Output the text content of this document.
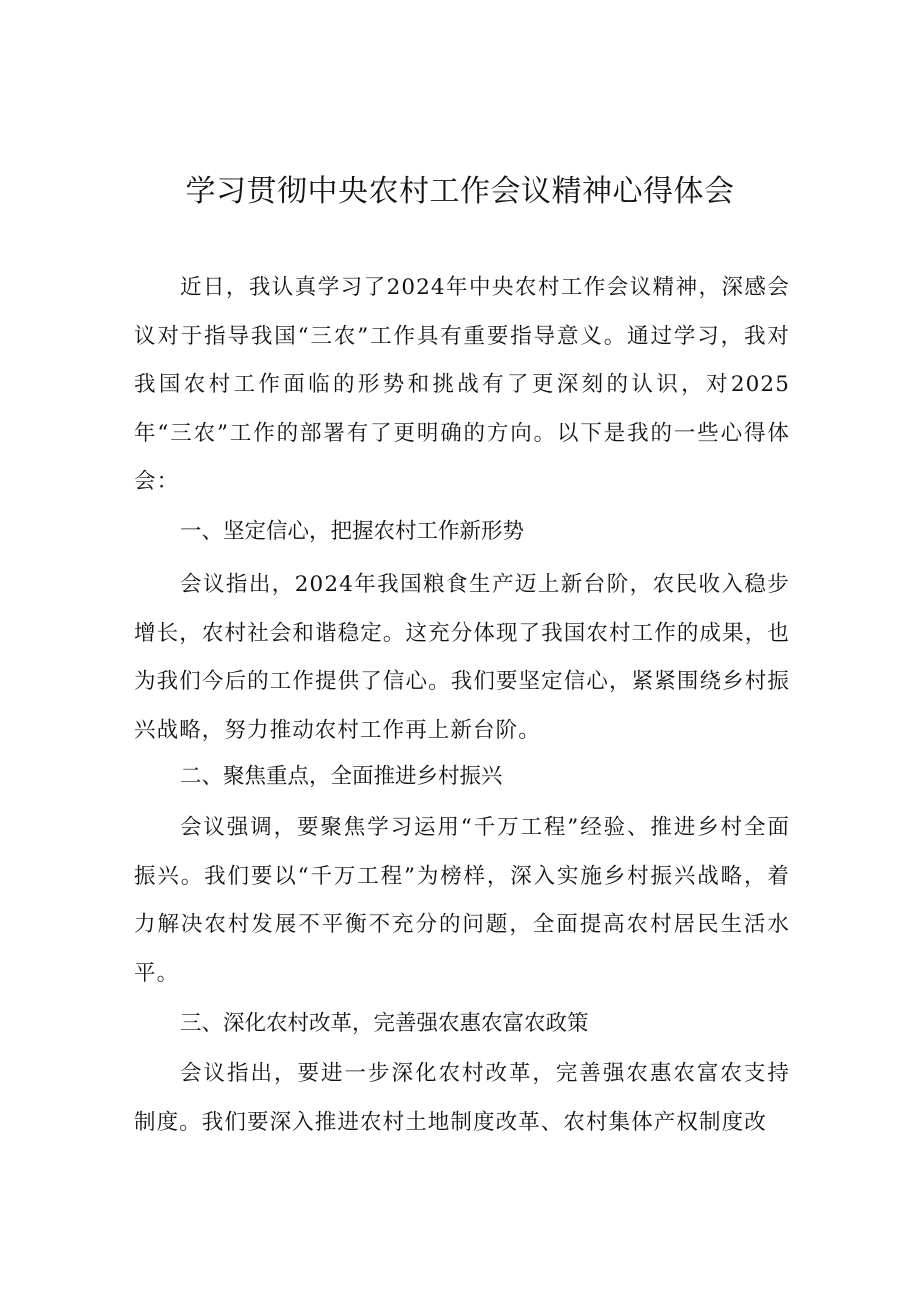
学习贯彻中央农村工作会议精神心得体会

近日，我认真学习了2024年中央农村工作会议精神，深感会议对于指导我国“三农”工作具有重要指导意义。通过学习，我对我国农村工作面临的形势和挑战有了更深刻的认识，对2025年“三农”工作的部署有了更明确的方向。以下是我的一些心得体会：

一、坚定信心，把握农村工作新形势

会议指出，2024年我国粮食生产迈上新台阶，农民收入稳步增长，农村社会和谐稳定。这充分体现了我国农村工作的成果，也为我们今后的工作提供了信心。我们要坚定信心，紧紧围绕乡村振兴战略，努力推动农村工作再上新台阶。

二、聚焦重点，全面推进乡村振兴

会议强调，要聚焦学习运用“千万工程”经验、推进乡村全面振兴。我们要以“千万工程”为榜样，深入实施乡村振兴战略，着力解决农村发展不平衡不充分的问题，全面提高农村居民生活水平。

三、深化农村改革，完善强农惠农富农政策

会议指出，要进一步深化农村改革，完善强农惠农富农支持制度。我们要深入推进农村土地制度改革、农村集体产权制度改
